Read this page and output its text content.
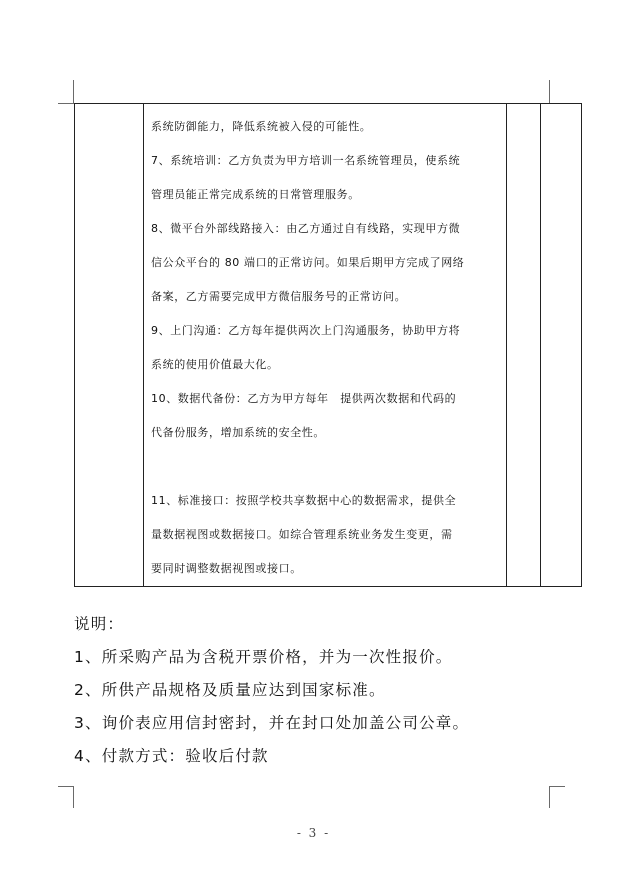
系统防御能力，降低系统被入侵的可能性。
7、系统培训：乙方负责为甲方培训一名系统管理员，使系统
管理员能正常完成系统的日常管理服务。
8、微平台外部线路接入：由乙方通过自有线路，实现甲方微
信公众平台的 80 端口的正常访问。如果后期甲方完成了网络
备案，乙方需要完成甲方微信服务号的正常访问。
9、上门沟通：乙方每年提供两次上门沟通服务，协助甲方将
系统的使用价值最大化。
10、数据代备份：乙方为甲方每年　提供两次数据和代码的
代备份服务，增加系统的安全性。
11、标准接口：按照学校共享数据中心的数据需求，提供全
量数据视图或数据接口。如综合管理系统业务发生变更，需
要同时调整数据视图或接口。

说明：
1、所采购产品为含税开票价格，并为一次性报价。
2、所供产品规格及质量应达到国家标准。
3、询价表应用信封密封，并在封口处加盖公司公章。
4、付款方式：验收后付款
- 3 -
